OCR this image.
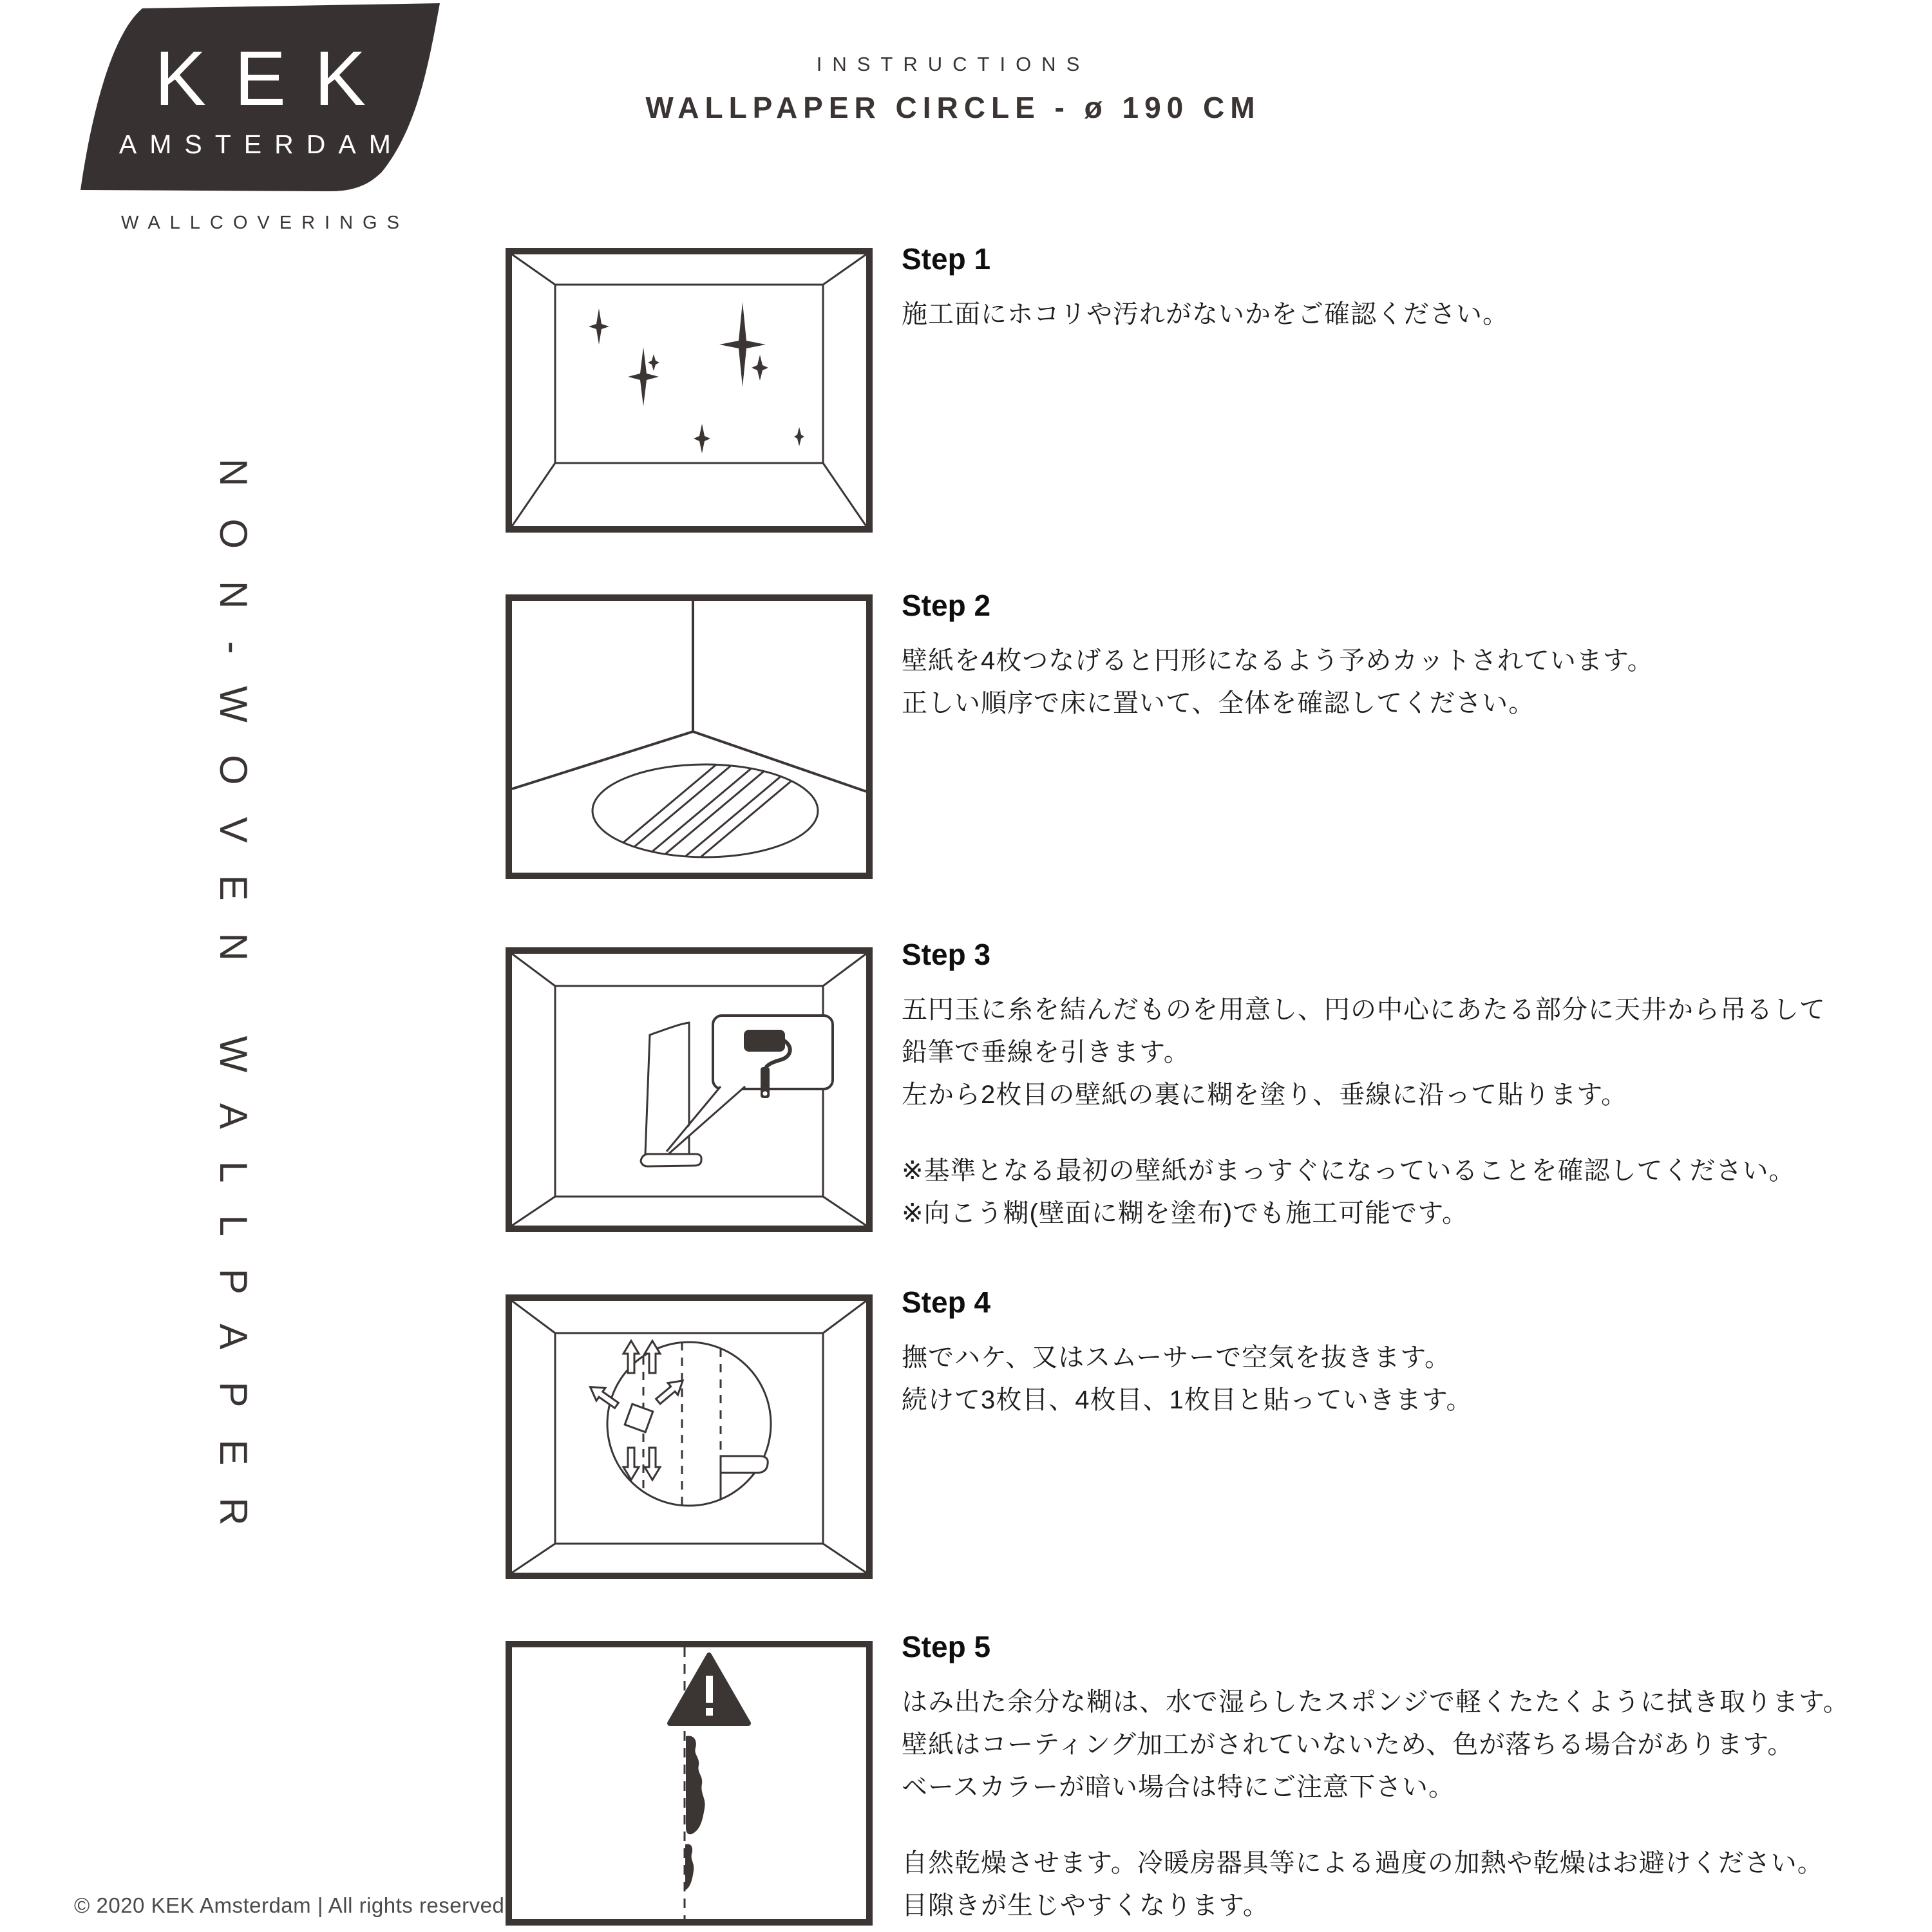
KEK
AMSTERDAM®
WALLCOVERINGS
INSTRUCTIONS
WALLPAPER CIRCLE - ø 190 CM
NON-WOVEN WALLPAPER
Step 1
施工面にホコリや汚れがないかをご確認ください。
Step 2
壁紙を4枚つなげると円形になるよう予めカットされています。
正しい順序で床に置いて、全体を確認してください。
Step 3
五円玉に糸を結んだものを用意し、円の中心にあたる部分に天井から吊るして
鉛筆で垂線を引きます。
左から2枚目の壁紙の裏に糊を塗り、垂線に沿って貼ります。
※基準となる最初の壁紙がまっすぐになっていることを確認してください。
※向こう糊(壁面に糊を塗布)でも施工可能です。
Step 4
撫でハケ、又はスムーサーで空気を抜きます。
続けて3枚目、4枚目、1枚目と貼っていきます。
Step 5
はみ出た余分な糊は、水で湿らしたスポンジで軽くたたくように拭き取ります。
壁紙はコーティング加工がされていないため、色が落ちる場合があります。
ベースカラーが暗い場合は特にご注意下さい。
自然乾燥させます。冷暖房器具等による過度の加熱や乾燥はお避けください。
目隙きが生じやすくなります。
© 2020 KEK Amsterdam | All rights reserved
